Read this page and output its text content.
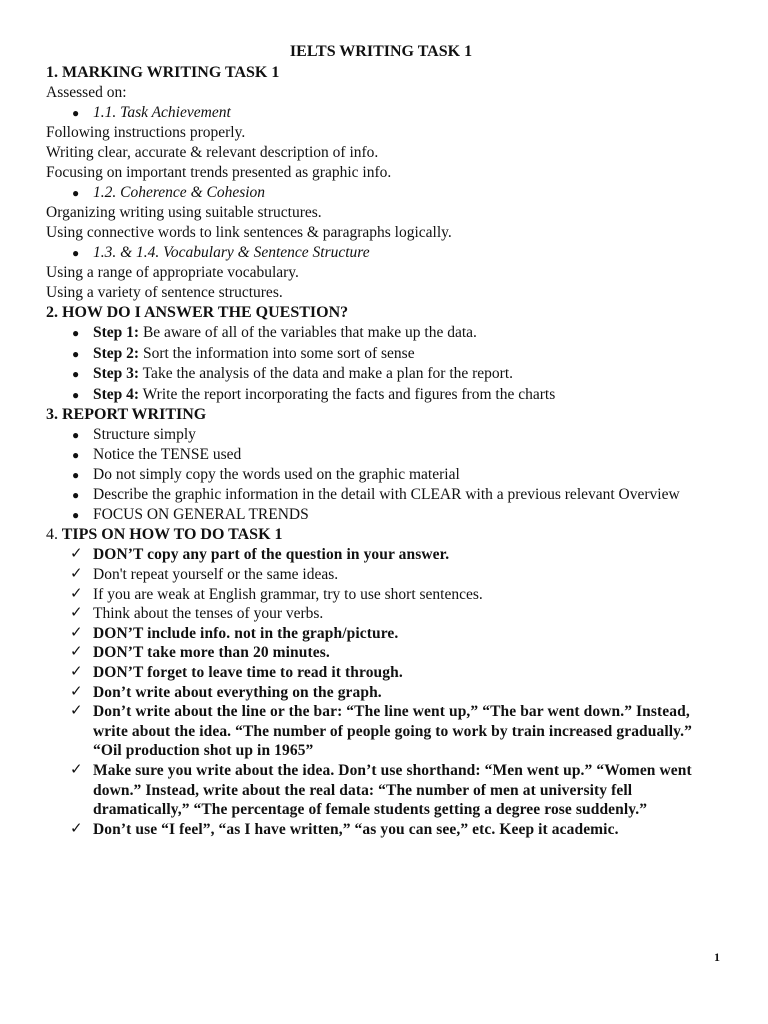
IELTS WRITING TASK 1
1. MARKING WRITING TASK 1
Assessed on:
● 1.1. Task Achievement
Following instructions properly.
Writing clear, accurate & relevant description of info.
Focusing on important trends presented as graphic info.
● 1.2. Coherence & Cohesion
Organizing writing using suitable structures.
Using connective words to link sentences & paragraphs logically.
● 1.3. & 1.4. Vocabulary & Sentence Structure
Using a range of appropriate vocabulary.
Using a variety of sentence structures.
2. HOW DO I ANSWER THE QUESTION?
● Step 1: Be aware of all of the variables that make up the data.
● Step 2: Sort the information into some sort of sense
● Step 3: Take the analysis of the data and make a plan for the report.
● Step 4: Write the report incorporating the facts and figures from the charts
3. REPORT WRITING
● Structure simply
● Notice the TENSE used
● Do not simply copy the words used on the graphic material
● Describe the graphic information in the detail with CLEAR with a previous relevant Overview
● FOCUS ON GENERAL TRENDS
4. TIPS ON HOW TO DO TASK 1
✓ DON’T copy any part of the question in your answer.
✓ Don't repeat yourself or the same ideas.
✓ If you are weak at English grammar, try to use short sentences.
✓ Think about the tenses of your verbs.
✓ DON’T include info. not in the graph/picture.
✓ DON’T take more than 20 minutes.
✓ DON’T forget to leave time to read it through.
✓ Don’t write about everything on the graph.
✓ Don’t write about the line or the bar: “The line went up,” “The bar went down.” Instead, write about the idea. “The number of people going to work by train increased gradually.” “Oil production shot up in 1965”
✓ Make sure you write about the idea. Don’t use shorthand: “Men went up.” “Women went down.” Instead, write about the real data: “The number of men at university fell dramatically,” “The percentage of female students getting a degree rose suddenly.”
✓ Don’t use “I feel”, “as I have written,” “as you can see,” etc. Keep it academic.
1
